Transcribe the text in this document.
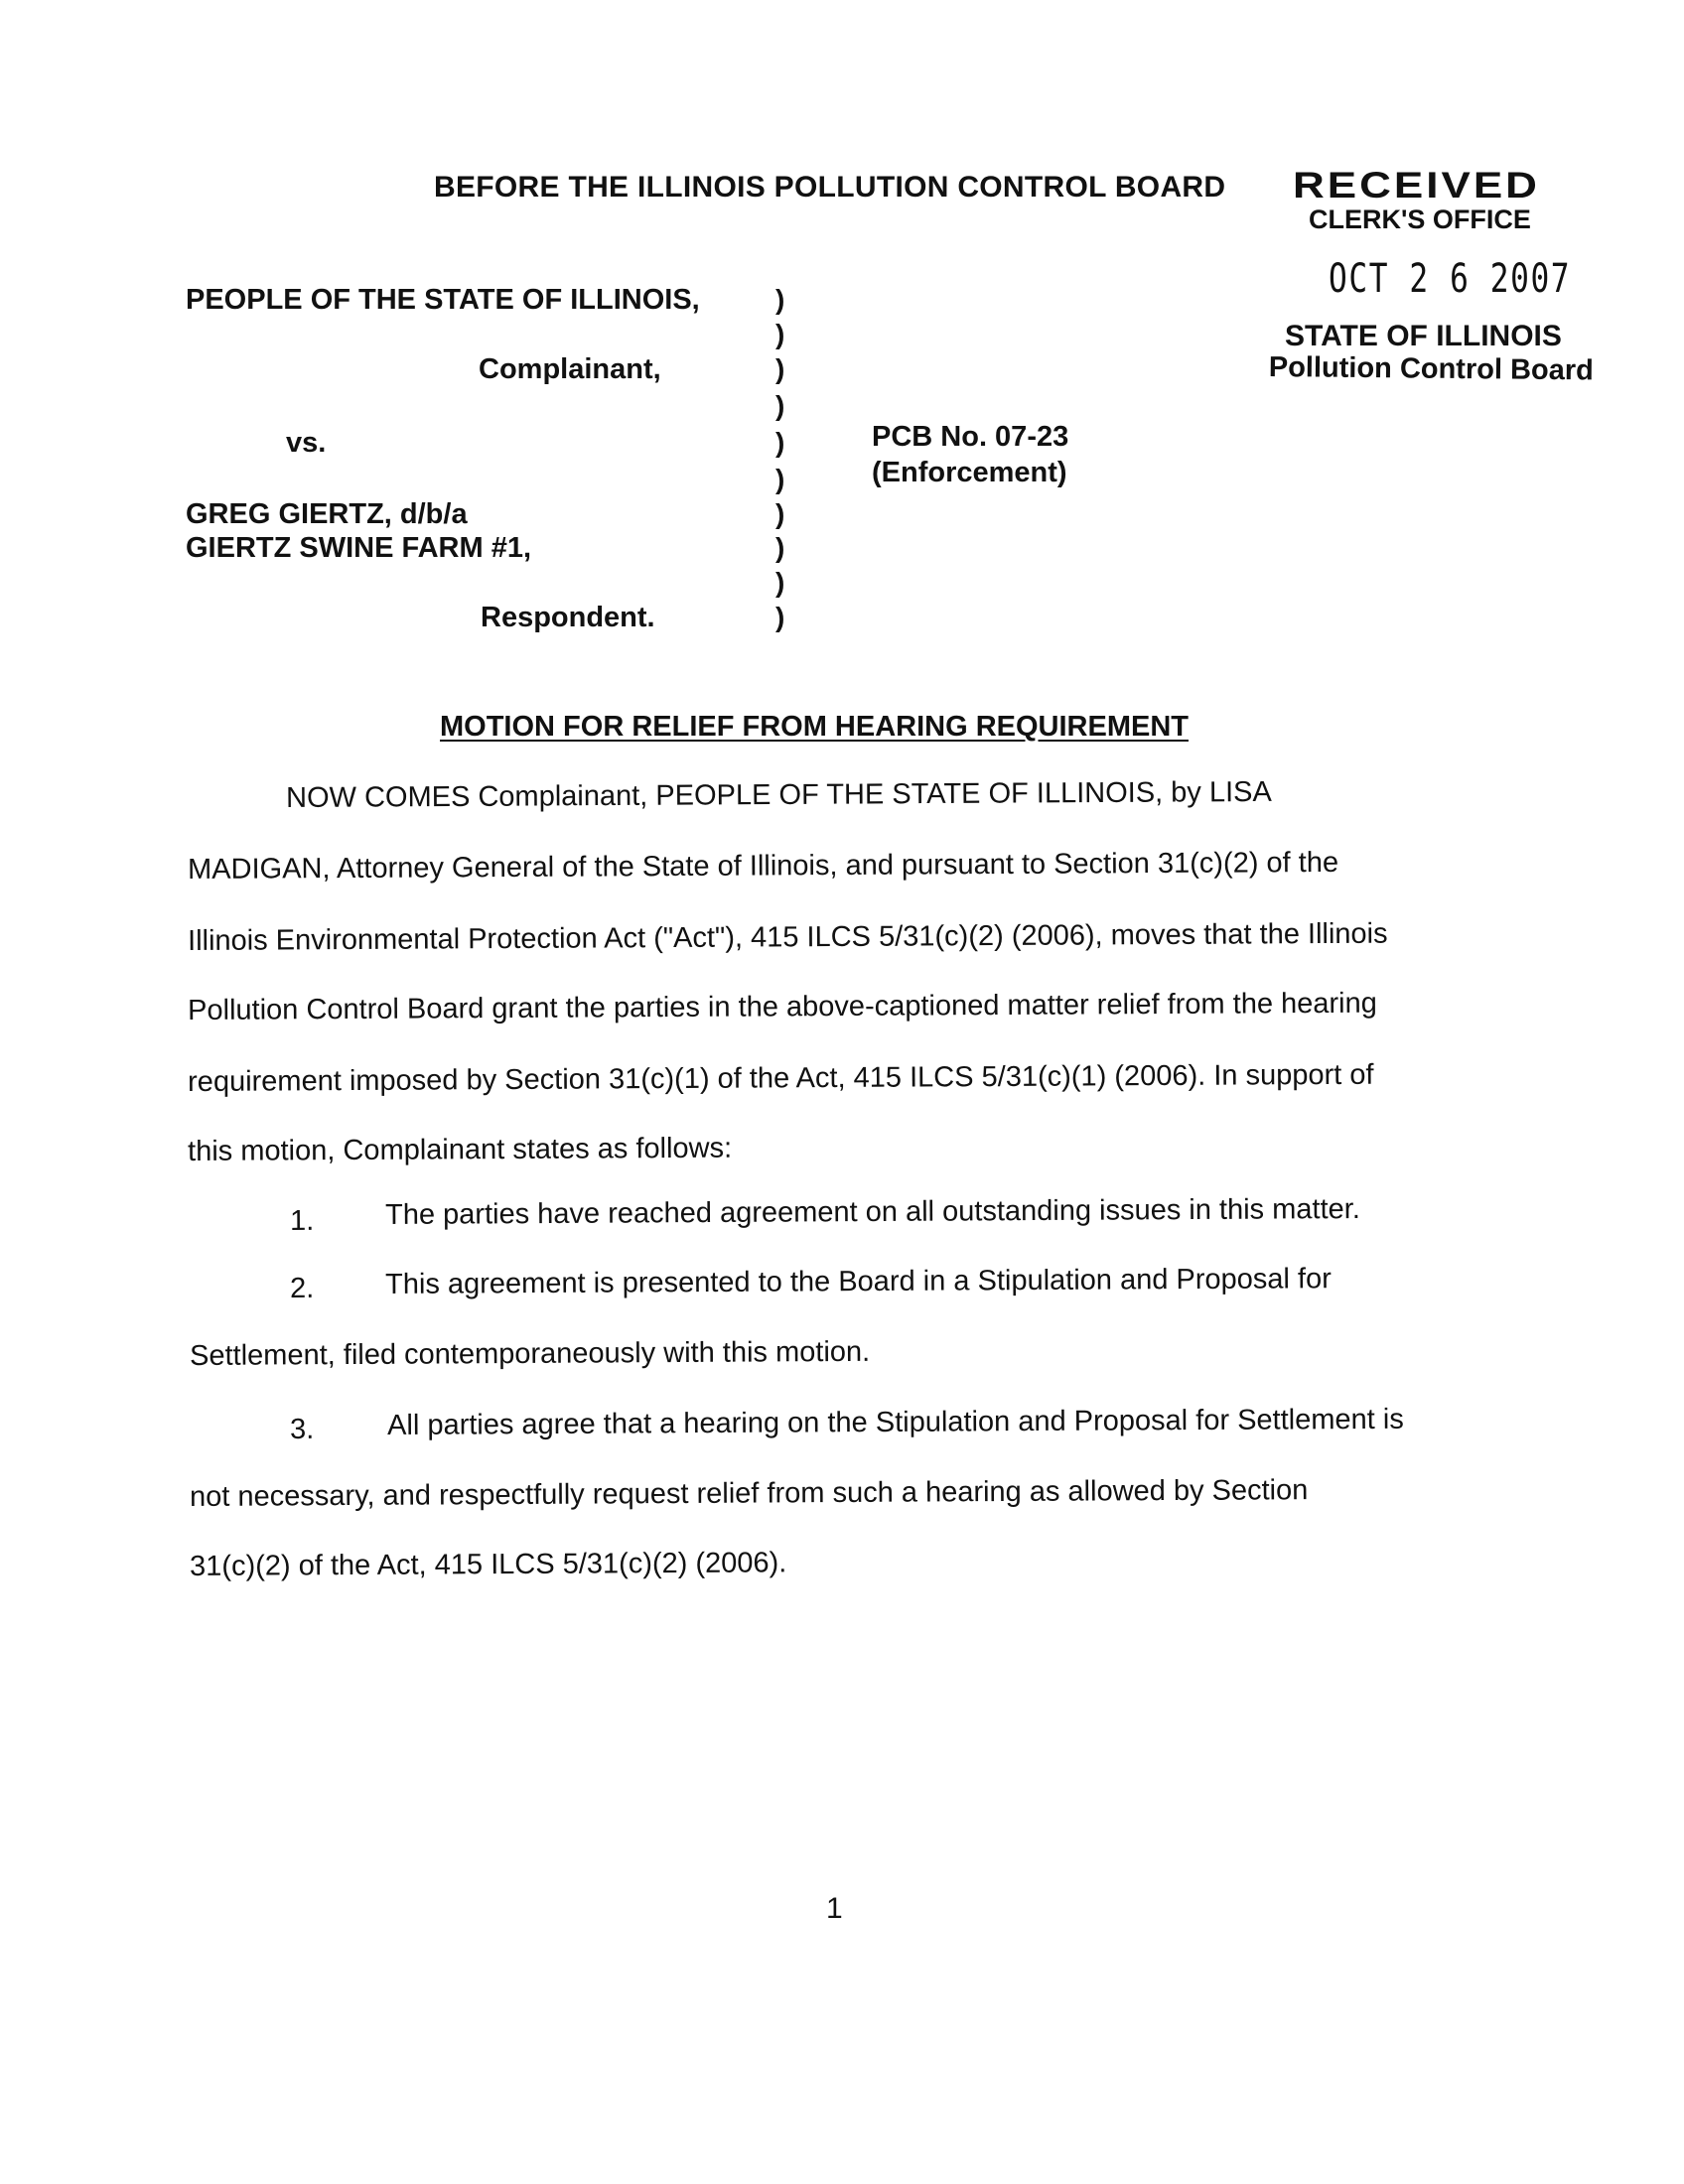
BEFORE THE ILLINOIS POLLUTION CONTROL BOARD RECEIVED
CLERK'S OFFICE
OCT 2 6 2007
STATE OF ILLINOIS
Pollution Control Board
PEOPLE OF THE STATE OF ILLINOIS,
Complainant,
vs.
GREG GIERTZ, d/b/a
GIERTZ SWINE FARM #1,
Respondent.
)
)
)
)
)
)
)
)
)
)
PCB No. 07-23
(Enforcement)
MOTION FOR RELIEF FROM HEARING REQUIREMENT
NOW COMES Complainant, PEOPLE OF THE STATE OF ILLINOIS, by LISA
MADIGAN, Attorney General of the State of Illinois, and pursuant to Section 31(c)(2) of the
Illinois Environmental Protection Act ("Act"), 415 ILCS 5/31(c)(2) (2006), moves that the Illinois
Pollution Control Board grant the parties in the above-captioned matter relief from the hearing
requirement imposed by Section 31(c)(1) of the Act, 415 ILCS 5/31(c)(1) (2006). In support of
this motion, Complainant states as follows:
1. The parties have reached agreement on all outstanding issues in this matter.
2. This agreement is presented to the Board in a Stipulation and Proposal for
Settlement, filed contemporaneously with this motion.
3.	All parties agree that a hearing on the Stipulation and Proposal for Settlement is
not necessary, and respectfully request relief from such a hearing as allowed by Section
31(c)(2) of the Act, 415 ILCS 5/31(c)(2) (2006).
1
